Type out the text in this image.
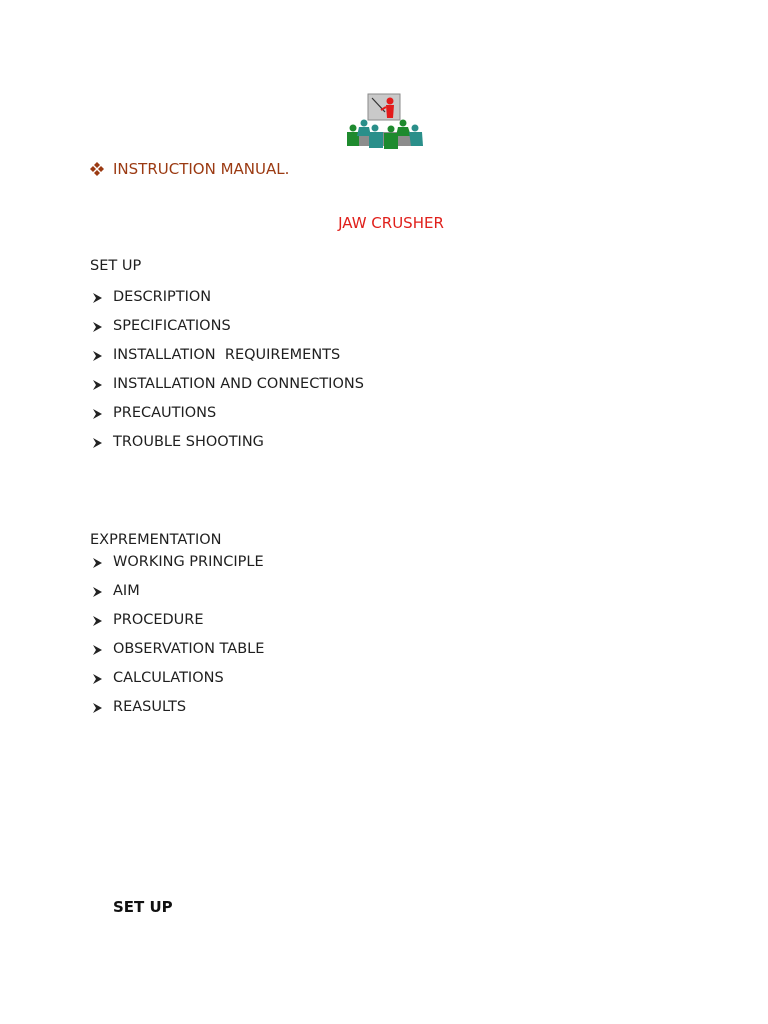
INSTRUCTION MANUAL.
JAW CRUSHER
SET UP
DESCRIPTION
SPECIFICATIONS
INSTALLATION  REQUIREMENTS
INSTALLATION AND CONNECTIONS
PRECAUTIONS
TROUBLE SHOOTING
EXPREMENTATION
WORKING PRINCIPLE
AIM
PROCEDURE
OBSERVATION TABLE
CALCULATIONS
REASULTS
SET UP
